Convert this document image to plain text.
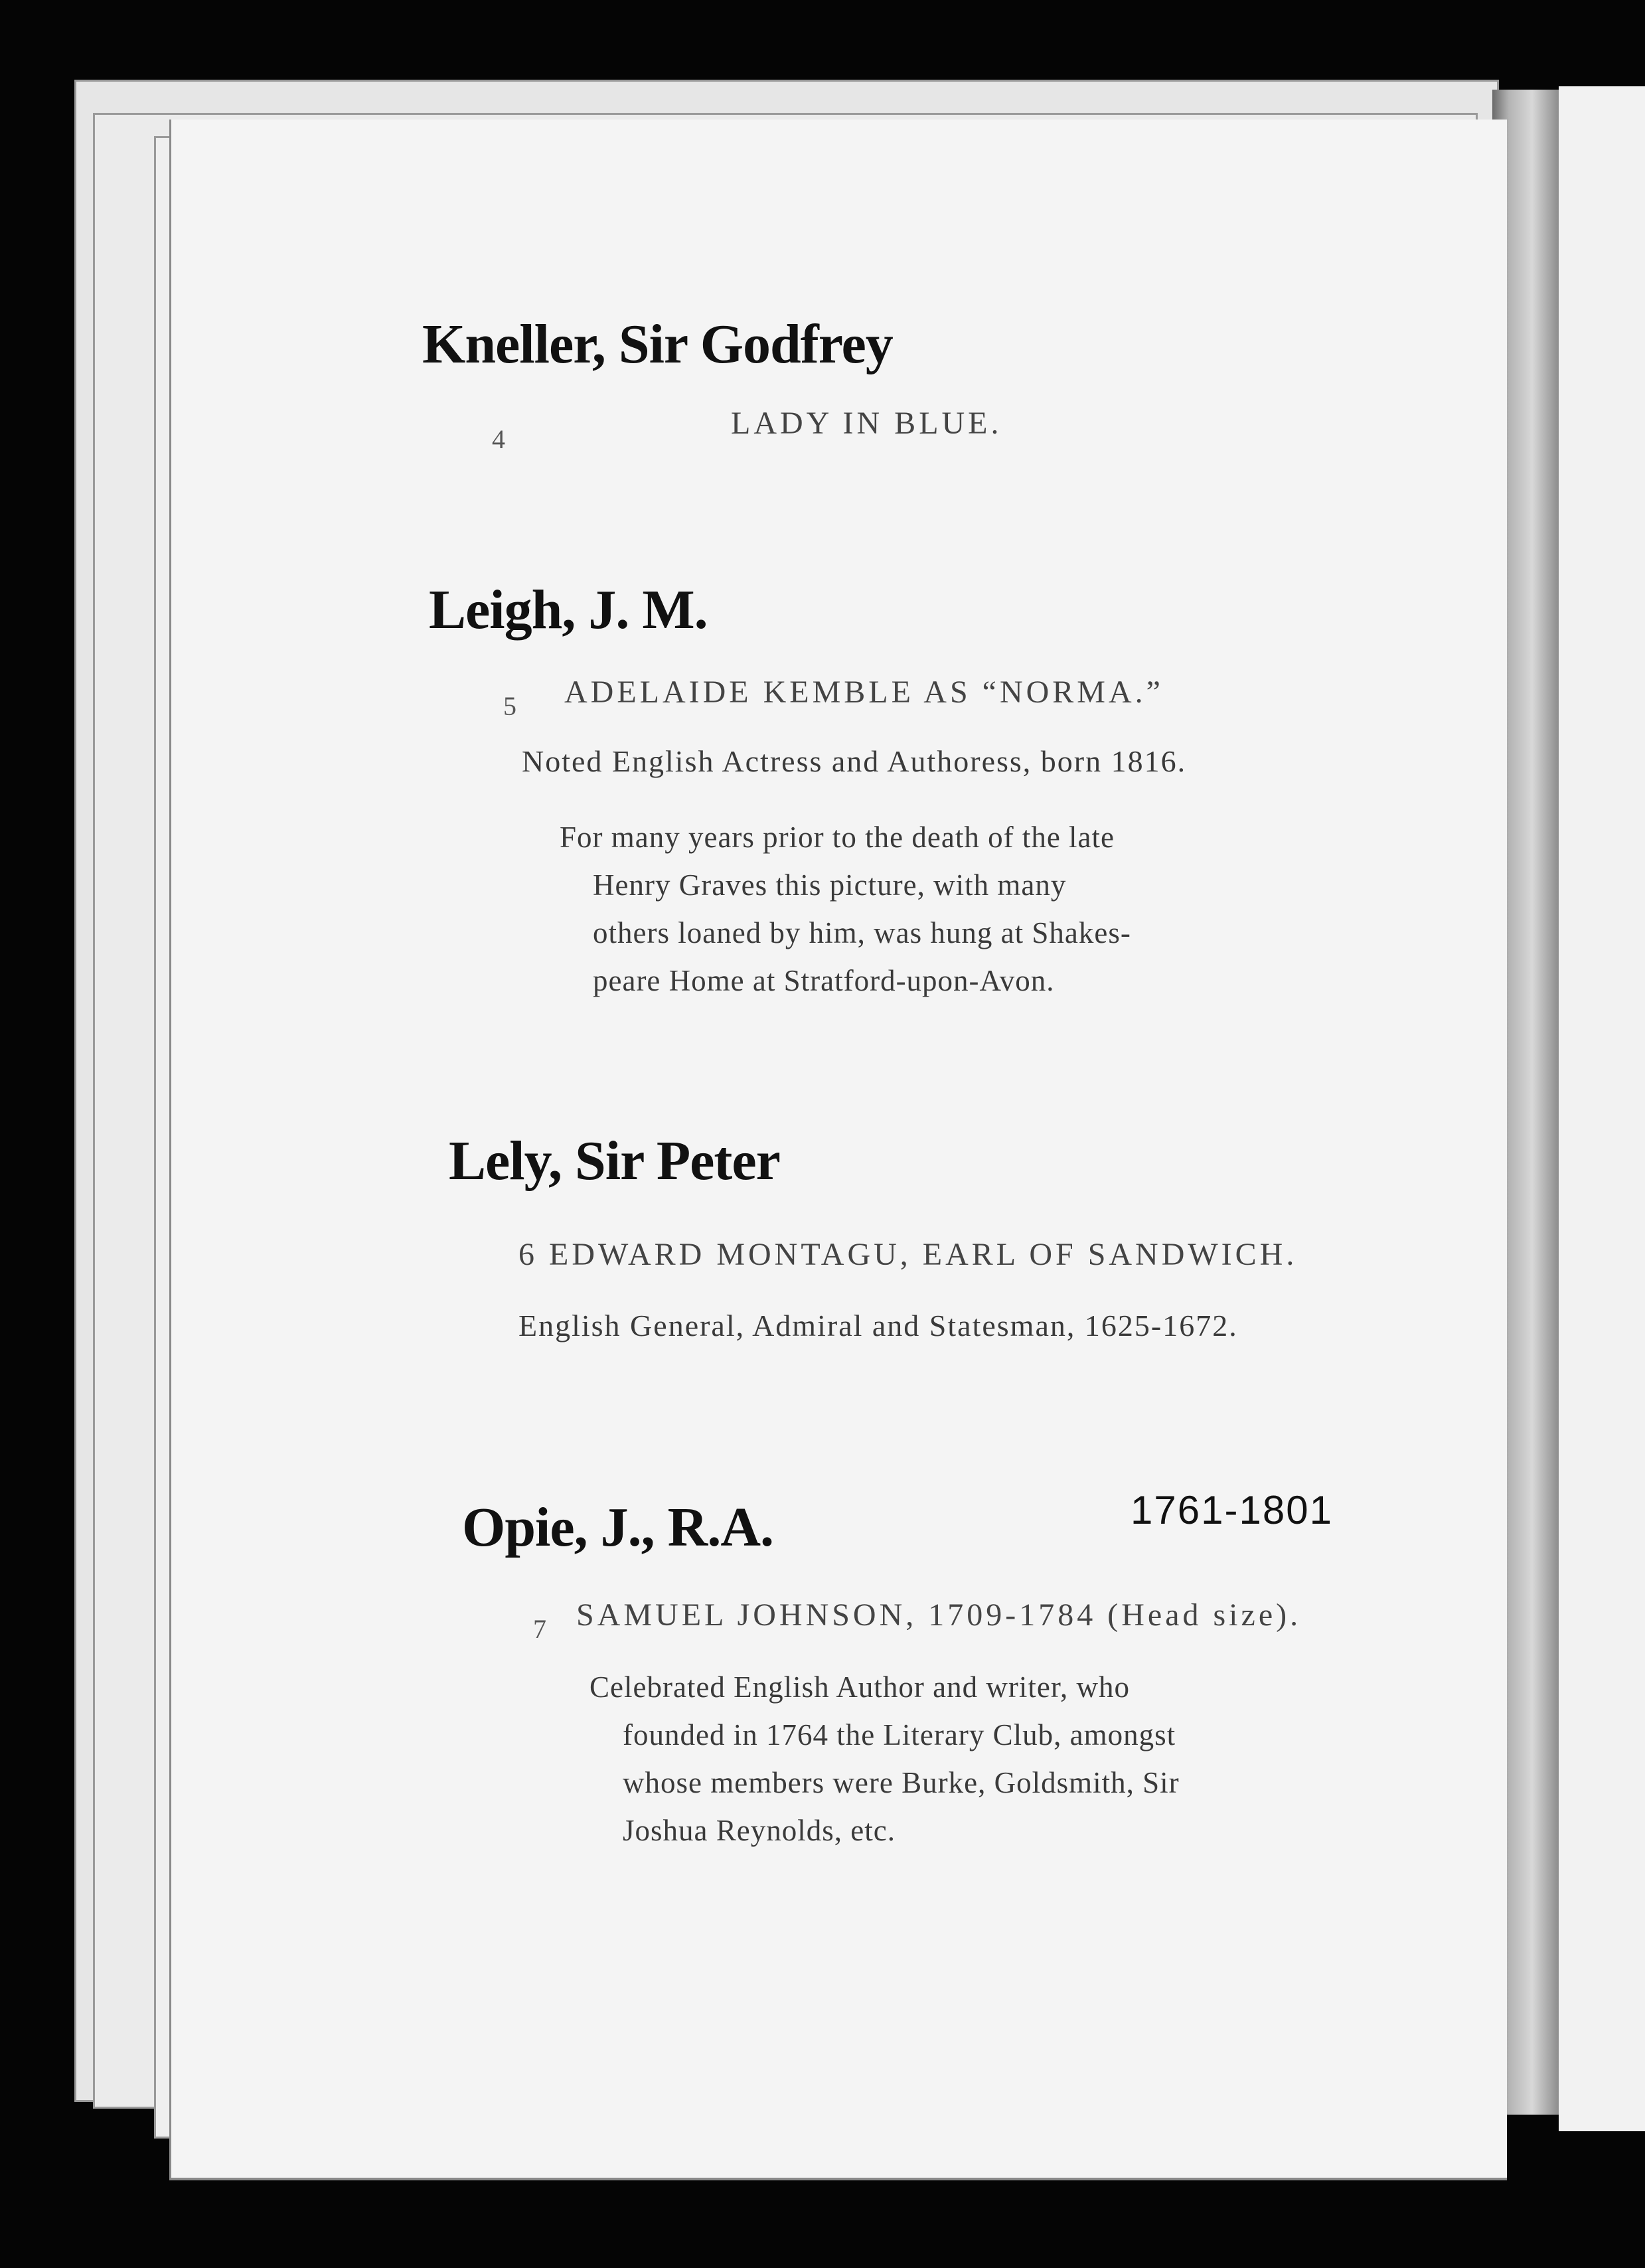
Kneller, Sir Godfrey
4	LADY IN BLUE.
Leigh, J. M.
5 ADELAIDE KEMBLE AS “NORMA.”
Noted English Actress and Authoress, born 1816.
For many years prior to the death of the late
Henry Graves this picture, with many
others loaned by him, was hung at Shakes-
peare Home at Stratford-upon-Avon.
Lely, Sir Peter
6 EDWARD MONTAGU, EARL OF SANDWICH.
English General, Admiral and Statesman, 1625-1672.
Opie, J., R.A.	1761-1801
7 SAMUEL JOHNSON, 1709-1784 (Head size).
Celebrated English Author and writer, who
founded in 1764 the Literary Club, amongst
whose members were Burke, Goldsmith, Sir
Joshua Reynolds, etc.
